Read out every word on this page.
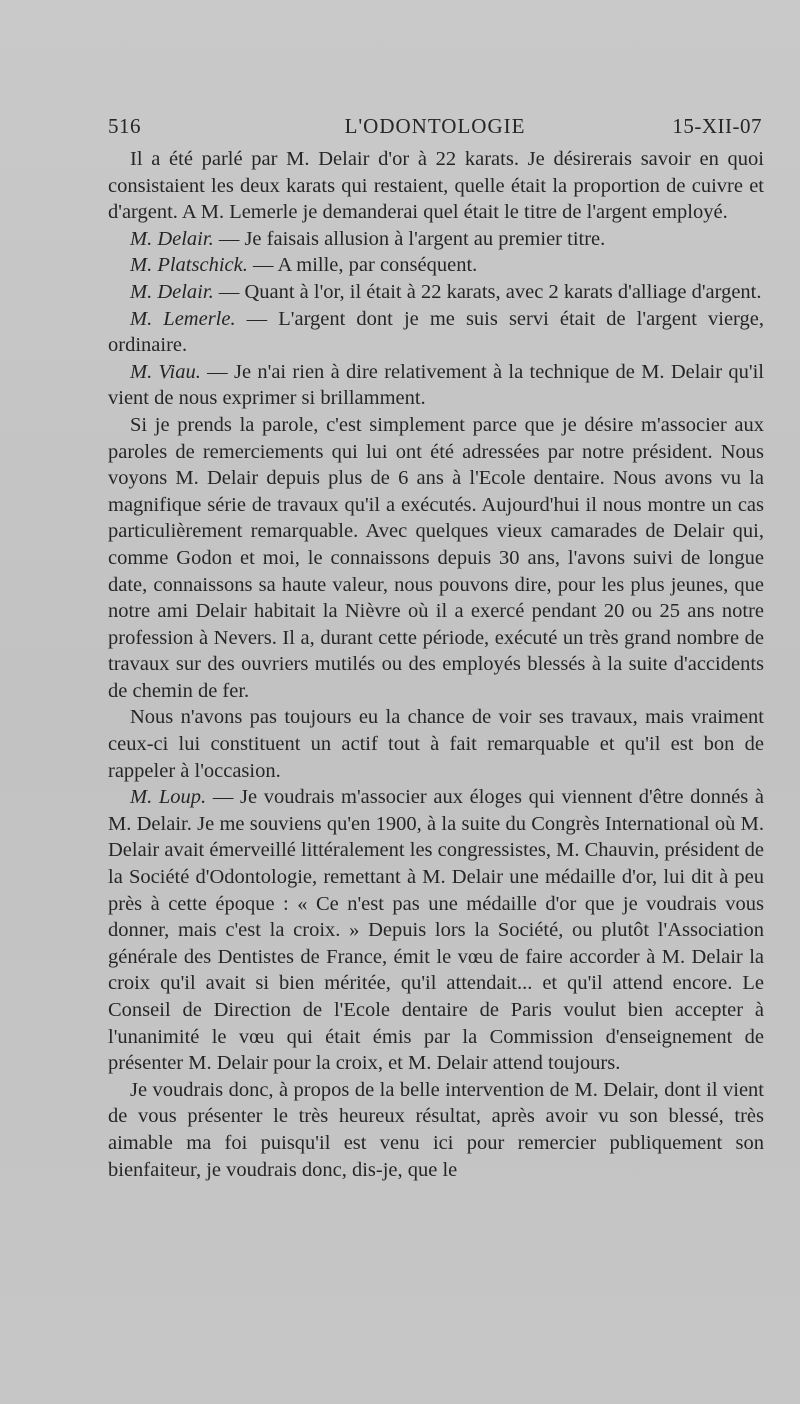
516	L'ODONTOLOGIE	15-XII-07

Il a été parlé par M. Delair d'or à 22 karats. Je désirerais savoir en quoi consistaient les deux karats qui restaient, quelle était la proportion de cuivre et d'argent. A M. Lemerle je demanderai quel était le titre de l'argent employé.

M. Delair. — Je faisais allusion à l'argent au premier titre.

M. Platschick. — A mille, par conséquent.

M. Delair. — Quant à l'or, il était à 22 karats, avec 2 karats d'alliage d'argent.

M. Lemerle. — L'argent dont je me suis servi était de l'argent vierge, ordinaire.

M. Viau. — Je n'ai rien à dire relativement à la technique de M. Delair qu'il vient de nous exprimer si brillamment.

Si je prends la parole, c'est simplement parce que je désire m'associer aux paroles de remerciements qui lui ont été adressées par notre président. Nous voyons M. Delair depuis plus de 6 ans à l'Ecole dentaire. Nous avons vu la magnifique série de travaux qu'il a exécutés. Aujourd'hui il nous montre un cas particulièrement remarquable. Avec quelques vieux camarades de Delair qui, comme Godon et moi, le connaissons depuis 30 ans, l'avons suivi de longue date, connaissons sa haute valeur, nous pouvons dire, pour les plus jeunes, que notre ami Delair habitait la Nièvre où il a exercé pendant 20 ou 25 ans notre profession à Nevers. Il a, durant cette période, exécuté un très grand nombre de travaux sur des ouvriers mutilés ou des employés blessés à la suite d'accidents de chemin de fer.

Nous n'avons pas toujours eu la chance de voir ses travaux, mais vraiment ceux-ci lui constituent un actif tout à fait remarquable et qu'il est bon de rappeler à l'occasion.

M. Loup. — Je voudrais m'associer aux éloges qui viennent d'être donnés à M. Delair. Je me souviens qu'en 1900, à la suite du Congrès International où M. Delair avait émerveillé littéralement les congressistes, M. Chauvin, président de la Société d'Odontologie, remettant à M. Delair une médaille d'or, lui dit à peu près à cette époque : « Ce n'est pas une médaille d'or que je voudrais vous donner, mais c'est la croix. » Depuis lors la Société, ou plutôt l'Association générale des Dentistes de France, émit le vœu de faire accorder à M. Delair la croix qu'il avait si bien méritée, qu'il attendait... et qu'il attend encore. Le Conseil de Direction de l'Ecole dentaire de Paris voulut bien accepter à l'unanimité le vœu qui était émis par la Commission d'enseignement de présenter M. Delair pour la croix, et M. Delair attend toujours.

Je voudrais donc, à propos de la belle intervention de M. Delair, dont il vient de vous présenter le très heureux résultat, après avoir vu son blessé, très aimable ma foi puisqu'il est venu ici pour remercier publiquement son bienfaiteur, je voudrais donc, dis-je, que le
